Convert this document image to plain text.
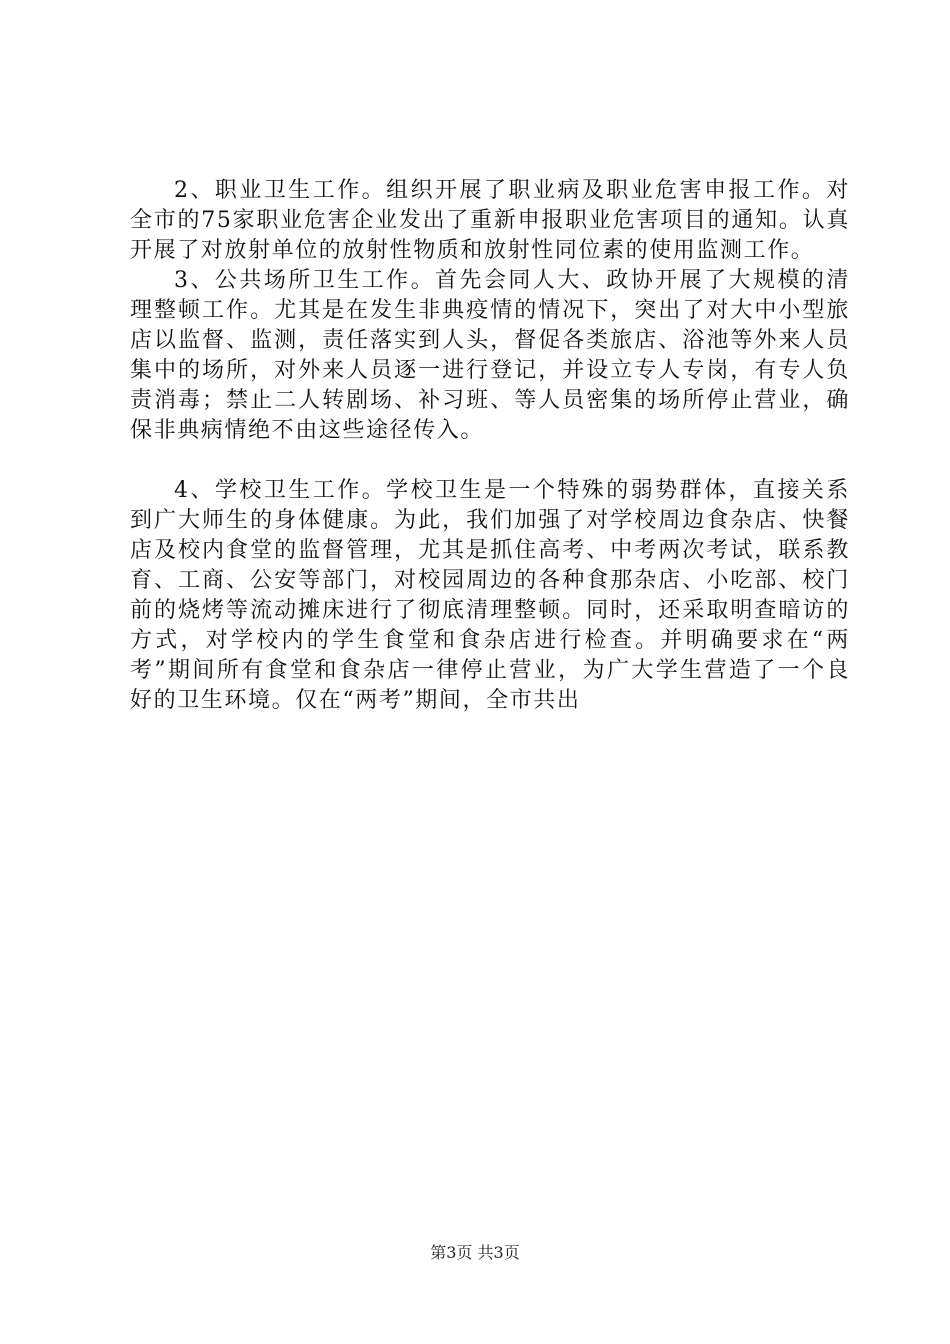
2、职业卫生工作。组织开展了职业病及职业危害申报工作。对全市的75家职业危害企业发出了重新申报职业危害项目的通知。认真开展了对放射单位的放射性物质和放射性同位素的使用监测工作。

3、公共场所卫生工作。首先会同人大、政协开展了大规模的清理整顿工作。尤其是在发生非典疫情的情况下，突出了对大中小型旅店以监督、监测，责任落实到人头，督促各类旅店、浴池等外来人员集中的场所，对外来人员逐一进行登记，并设立专人专岗，有专人负责消毒；禁止二人转剧场、补习班、等人员密集的场所停止营业，确保非典病情绝不由这些途径传入。

4、学校卫生工作。学校卫生是一个特殊的弱势群体，直接关系到广大师生的身体健康。为此，我们加强了对学校周边食杂店、快餐店及校内食堂的监督管理，尤其是抓住高考、中考两次考试，联系教育、工商、公安等部门，对校园周边的各种食那杂店、小吃部、校门前的烧烤等流动摊床进行了彻底清理整顿。同时，还采取明查暗访的方式，对学校内的学生食堂和食杂店进行检查。并明确要求在“两考”期间所有食堂和食杂店一律停止营业，为广大学生营造了一个良好的卫生环境。仅在“两考”期间，全市共出

第3页 共3页
